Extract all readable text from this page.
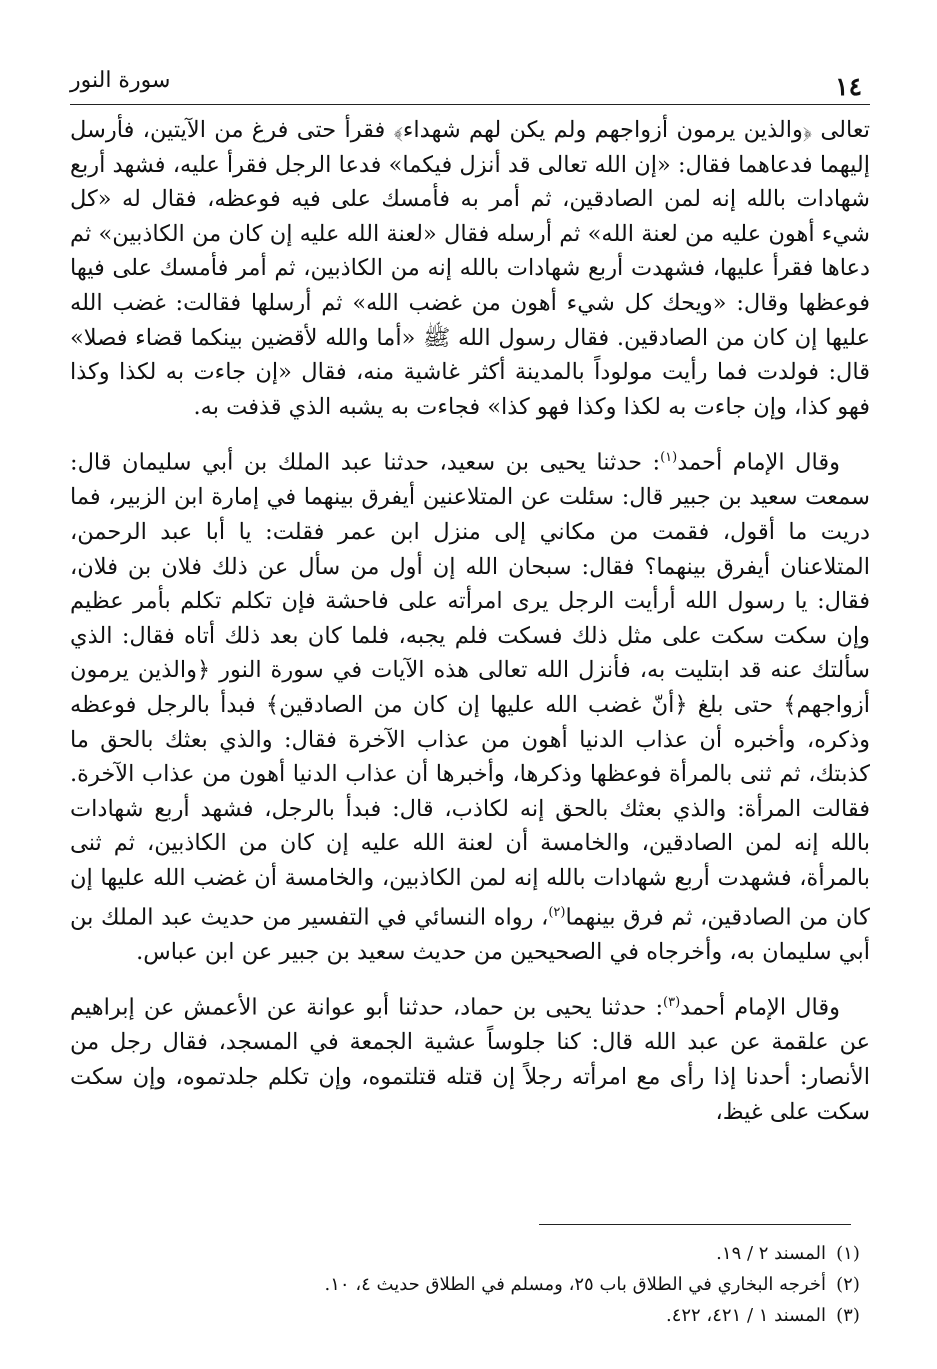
سورة النور	١٤

تعالى ﴿والذين يرمون أزواجهم ولم يكن لهم شهداء﴾ فقرأ حتى فرغ من الآيتين، فأرسل إليهما فدعاهما فقال: «إن الله تعالى قد أنزل فيكما» فدعا الرجل فقرأ عليه، فشهد أربع شهادات بالله إنه لمن الصادقين، ثم أمر به فأمسك على فيه فوعظه، فقال له «كل شيء أهون عليه من لعنة الله» ثم أرسله فقال «لعنة الله عليه إن كان من الكاذبين» ثم دعاها فقرأ عليها، فشهدت أربع شهادات بالله إنه من الكاذبين، ثم أمر فأمسك على فيها فوعظها وقال: «ويحك كل شيء أهون من غضب الله» ثم أرسلها فقالت: غضب الله عليها إن كان من الصادقين. فقال رسول الله ﷺ «أما والله لأقضين بينكما قضاء فصلا» قال: فولدت فما رأيت مولوداً بالمدينة أكثر غاشية منه، فقال «إن جاءت به لكذا وكذا فهو كذا، وإن جاءت به لكذا وكذا فهو كذا» فجاءت به يشبه الذي قذفت به.

وقال الإمام أحمد$^{(١)}$: حدثنا يحيى بن سعيد، حدثنا عبد الملك بن أبي سليمان قال: سمعت سعيد بن جبير قال: سئلت عن المتلاعنين أيفرق بينهما في إمارة ابن الزبير، فما دريت ما أقول، فقمت من مكاني إلى منزل ابن عمر فقلت: يا أبا عبد الرحمن، المتلاعنان أيفرق بينهما؟ فقال: سبحان الله إن أول من سأل عن ذلك فلان بن فلان، فقال: يا رسول الله أرأيت الرجل يرى امرأته على فاحشة فإن تكلم تكلم بأمر عظيم وإن سكت سكت على مثل ذلك فسكت فلم يجبه، فلما كان بعد ذلك أتاه فقال: الذي سألتك عنه قد ابتليت به، فأنزل الله تعالى هذه الآيات في سورة النور ﴿والذين يرمون أزواجهم﴾ حتى بلغ ﴿أنّ غضب الله عليها إن كان من الصادقين﴾ فبدأ بالرجل فوعظه وذكره، وأخبره أن عذاب الدنيا أهون من عذاب الآخرة فقال: والذي بعثك بالحق ما كذبتك، ثم ثنى بالمرأة فوعظها وذكرها، وأخبرها أن عذاب الدنيا أهون من عذاب الآخرة. فقالت المرأة: والذي بعثك بالحق إنه لكاذب، قال: فبدأ بالرجل، فشهد أربع شهادات بالله إنه لمن الصادقين، والخامسة أن لعنة الله عليه إن كان من الكاذبين، ثم ثنى بالمرأة، فشهدت أربع شهادات بالله إنه لمن الكاذبين، والخامسة أن غضب الله عليها إن كان من الصادقين، ثم فرق بينهما$^{(٢)}$، رواه النسائي في التفسير من حديث عبد الملك بن أبي سليمان به، وأخرجاه في الصحيحين من حديث سعيد بن جبير عن ابن عباس.

وقال الإمام أحمد$^{(٣)}$: حدثنا يحيى بن حماد، حدثنا أبو عوانة عن الأعمش عن إبراهيم عن علقمة عن عبد الله قال: كنا جلوساً عشية الجمعة في المسجد، فقال رجل من الأنصار: أحدنا إذا رأى مع امرأته رجلاً إن قتله قتلتموه، وإن تكلم جلدتموه، وإن سكت سكت على غيظ،

(١)
المسند ٢ / ١٩.
(٢)
أخرجه البخاري في الطلاق باب ٢٥، ومسلم في الطلاق حديث ٤، ١٠.
(٣)
المسند ١ / ٤٢١، ٤٢٢.
